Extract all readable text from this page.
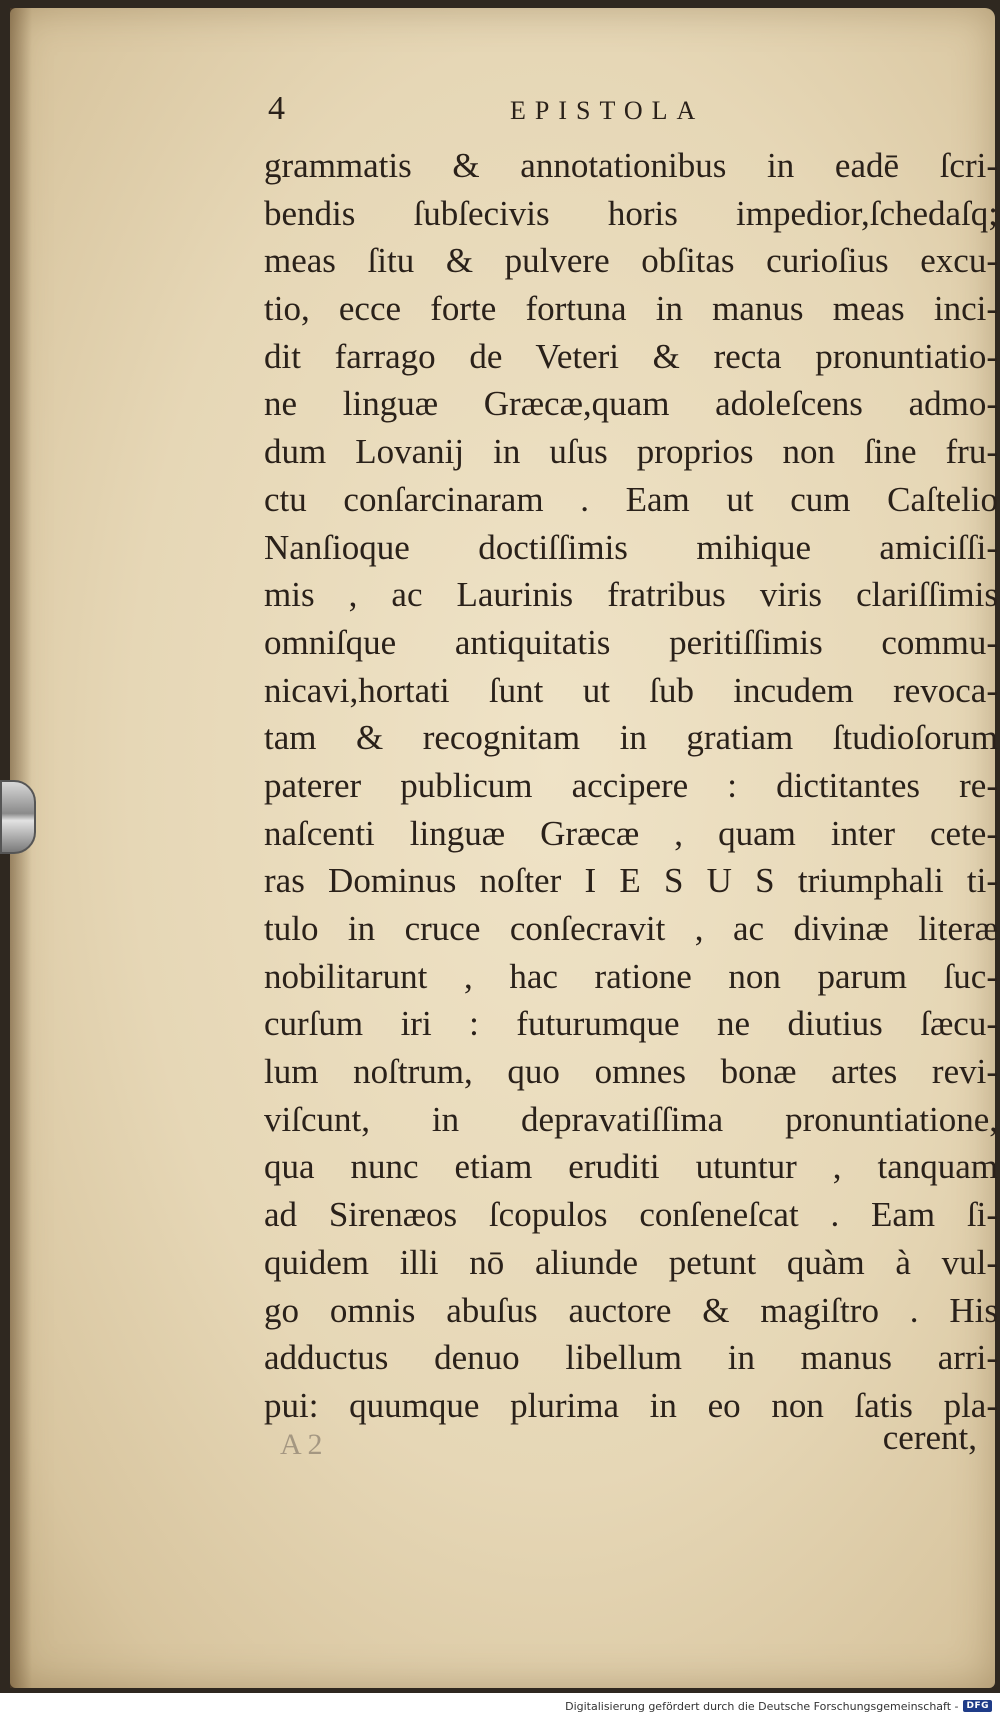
4	EPISTOLA
grammatis & annotationibus in eadē ſcri-
bendis ſubſecivis horis impedior,ſchedaſq;
meas ſitu & pulvere obſitas curioſius excu-
tio, ecce forte fortuna in manus meas inci-
dit farrago de Veteri & recta pronuntiatio-
ne linguæ Græcæ,quam adoleſcens admo-
dum Lovanij in uſus proprios non ſine fru-
ctu conſarcinaram . Eam ut cum Caſtelio
Nanſioque doctiſſimis mihique amiciſſi-
mis , ac Laurinis fratribus viris clariſſimis
omniſque antiquitatis peritiſſimis commu-
nicavi,hortati ſunt ut ſub incudem revoca-
tam & recognitam in gratiam ſtudioſorum
paterer publicum accipere : dictitantes re-
naſcenti linguæ Græcæ , quam inter cete-
ras Dominus noſter I E S U S triumphali ti-
tulo in cruce conſecravit , ac divinæ literæ
nobilitarunt , hac ratione non parum ſuc-
curſum iri : futurumque ne diutius ſæcu-
lum noſtrum, quo omnes bonæ artes revi-
viſcunt, in depravatiſſima pronuntiatione,
qua nunc etiam eruditi utuntur , tanquam
ad Sirenæos ſcopulos conſeneſcat . Eam ſi-
quidem illi nō aliunde petunt quàm à vul-
go omnis abuſus auctore & magiſtro . His
adductus denuo libellum in manus arri-
pui: quumque plurima in eo non ſatis pla-
A 2	cerent,
Digitalisierung gefördert durch die Deutsche Forschungsgemeinschaft - DFG
